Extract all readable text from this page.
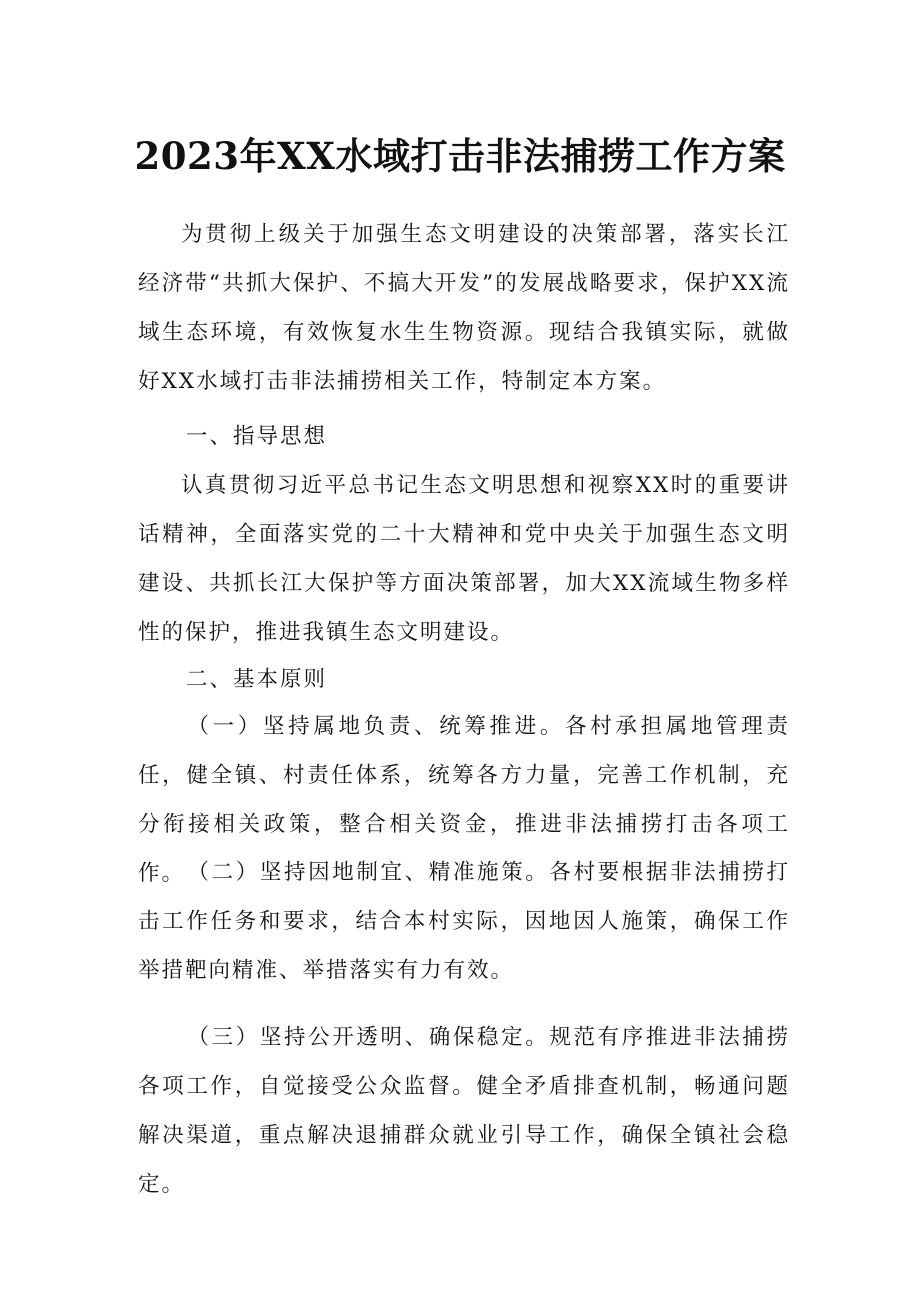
2023年XX水域打击非法捕捞工作方案

为贯彻上级关于加强生态文明建设的决策部署，落实长江经济带“共抓大保护、不搞大开发”的发展战略要求，保护XX流域生态环境，有效恢复水生生物资源。现结合我镇实际，就做好XX水域打击非法捕捞相关工作，特制定本方案。

一、指导思想

认真贯彻习近平总书记生态文明思想和视察XX时的重要讲话精神，全面落实党的二十大精神和党中央关于加强生态文明建设、共抓长江大保护等方面决策部署，加大XX流域生物多样性的保护，推进我镇生态文明建设。

二、基本原则

（一）坚持属地负责、统筹推进。各村承担属地管理责任，健全镇、村责任体系，统筹各方力量，完善工作机制，充分衔接相关政策，整合相关资金，推进非法捕捞打击各项工作。 （二）坚持因地制宜、精准施策。各村要根据非法捕捞打击工作任务和要求，结合本村实际，因地因人施策，确保工作举措靶向精准、举措落实有力有效。

（三）坚持公开透明、确保稳定。规范有序推进非法捕捞各项工作，自觉接受公众监督。健全矛盾排查机制，畅通问题解决渠道，重点解决退捕群众就业引导工作，确保全镇社会稳定。
